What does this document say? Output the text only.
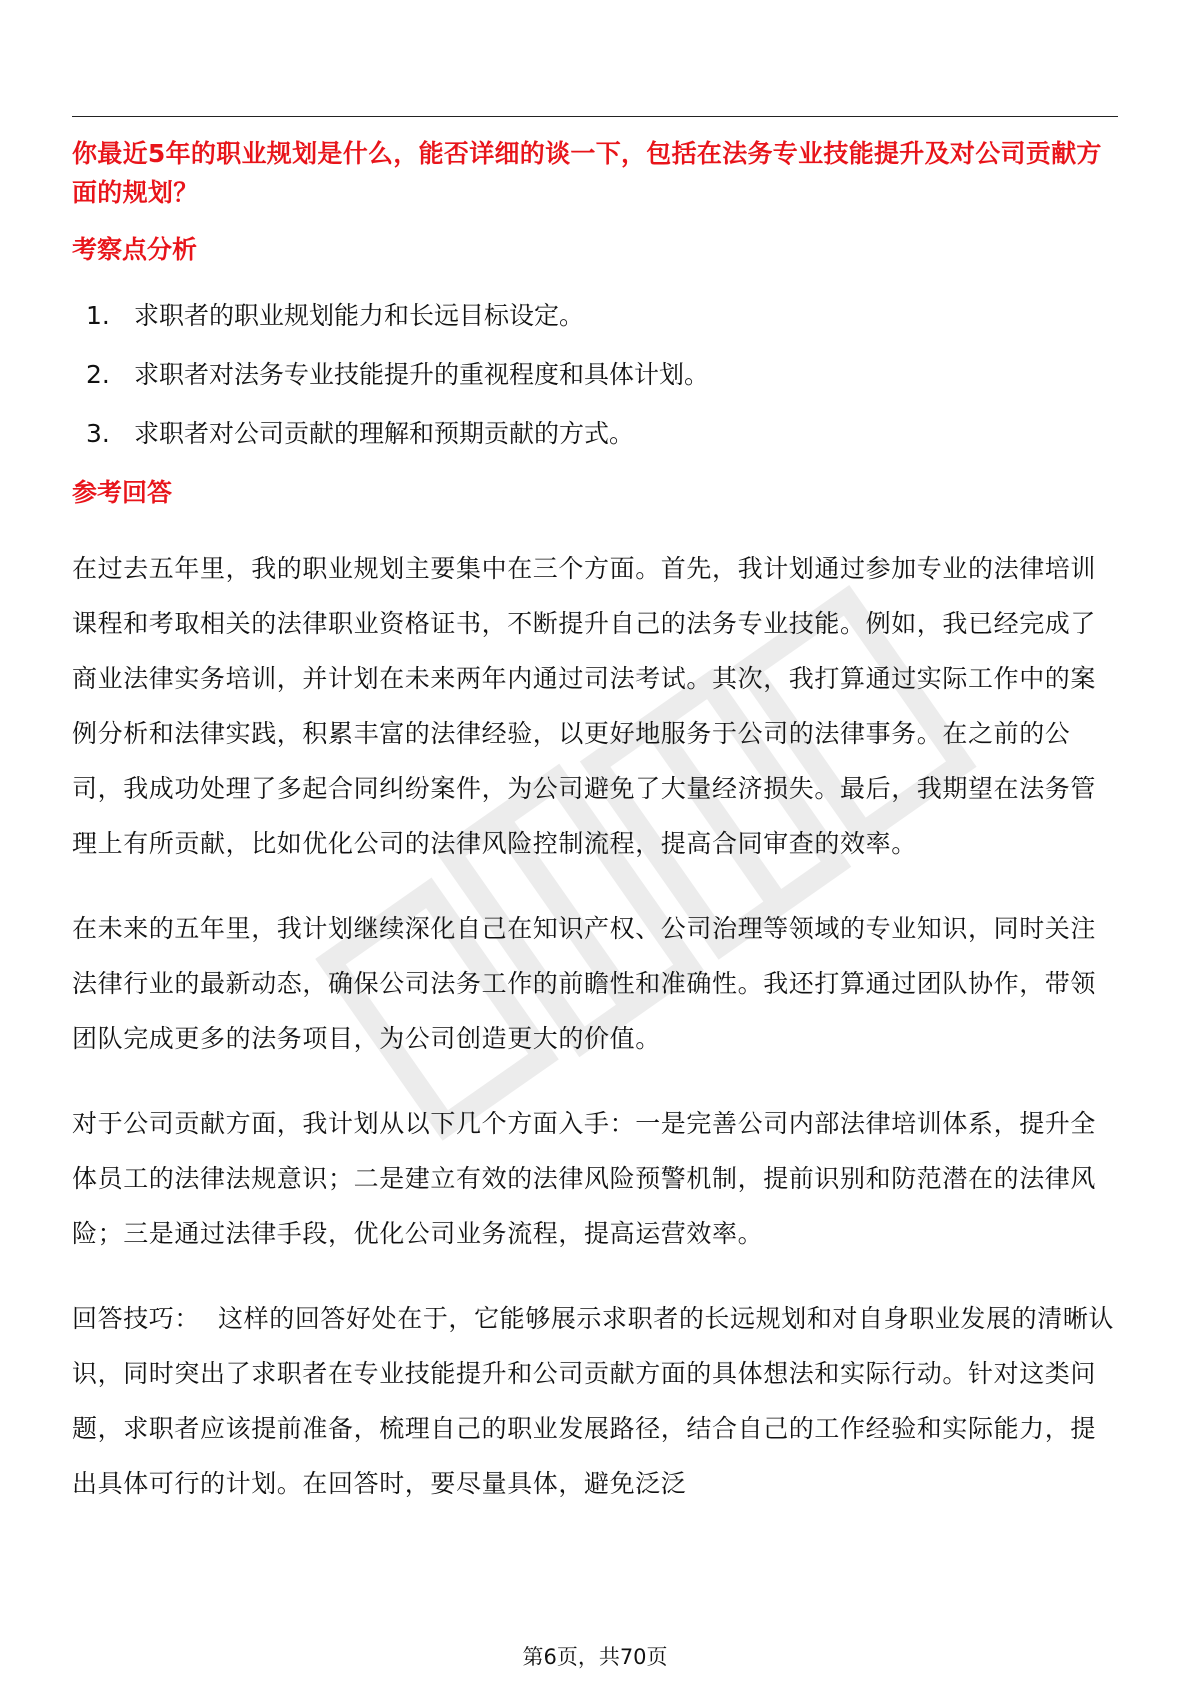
你最近5年的职业规划是什么，能否详细的谈一下，包括在法务专业技能提升及对公司贡献方面的规划？

考察点分析
1. 求职者的职业规划能力和长远目标设定。
2. 求职者对法务专业技能提升的重视程度和具体计划。
3. 求职者对公司贡献的理解和预期贡献的方式。
参考回答

在过去五年里，我的职业规划主要集中在三个方面。首先，我计划通过参加专业的法律培训课程和考取相关的法律职业资格证书，不断提升自己的法务专业技能。例如，我已经完成了商业法律实务培训，并计划在未来两年内通过司法考试。其次，我打算通过实际工作中的案例分析和法律实践，积累丰富的法律经验，以更好地服务于公司的法律事务。在之前的公司，我成功处理了多起合同纠纷案件，为公司避免了大量经济损失。最后，我期望在法务管理上有所贡献，比如优化公司的法律风险控制流程，提高合同审查的效率。

在未来的五年里，我计划继续深化自己在知识产权、公司治理等领域的专业知识，同时关注法律行业的最新动态，确保公司法务工作的前瞻性和准确性。我还打算通过团队协作，带领团队完成更多的法务项目，为公司创造更大的价值。

对于公司贡献方面，我计划从以下几个方面入手：一是完善公司内部法律培训体系，提升全体员工的法律法规意识；二是建立有效的法律风险预警机制，提前识别和防范潜在的法律风险；三是通过法律手段，优化公司业务流程，提高运营效率。

回答技巧： 这样的回答好处在于，它能够展示求职者的长远规划和对自身职业发展的清晰认识，同时突出了求职者在专业技能提升和公司贡献方面的具体想法和实际行动。针对这类问题，求职者应该提前准备，梳理自己的职业发展路径，结合自己的工作经验和实际能力，提出具体可行的计划。在回答时，要尽量具体，避免泛泛

第6页，共70页
